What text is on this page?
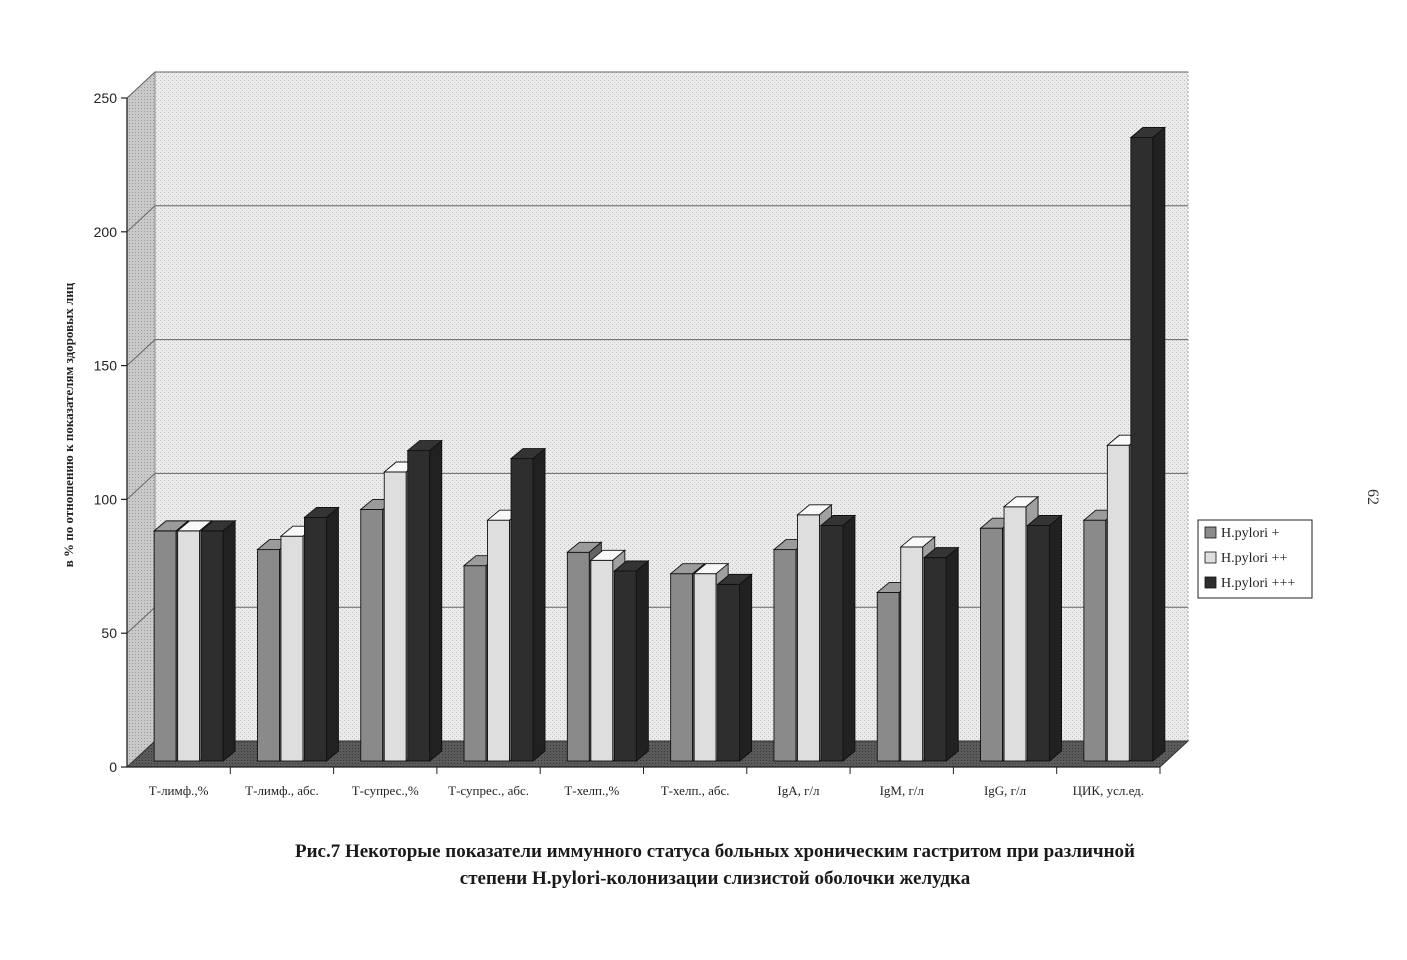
0
50
100
150
200
250
Т-лимф.,%	Т-лимф., абс.	Т-супрес.,% Т-супрес., абс.	Т-хелп.,%	Т-хелп., абс.	IgA, г/л	IgM, г/л	IgG, г/л	ЦИК, усл.ед.
H.pylori +
H.pylori ++
H.pylori +++
в % по отношению к показателям здоровых лиц	62
Рис.7 Некоторые показатели иммунного статуса больных хроническим гастритом при различной
степени H.pylori-колонизации слизистой оболочки желудка
